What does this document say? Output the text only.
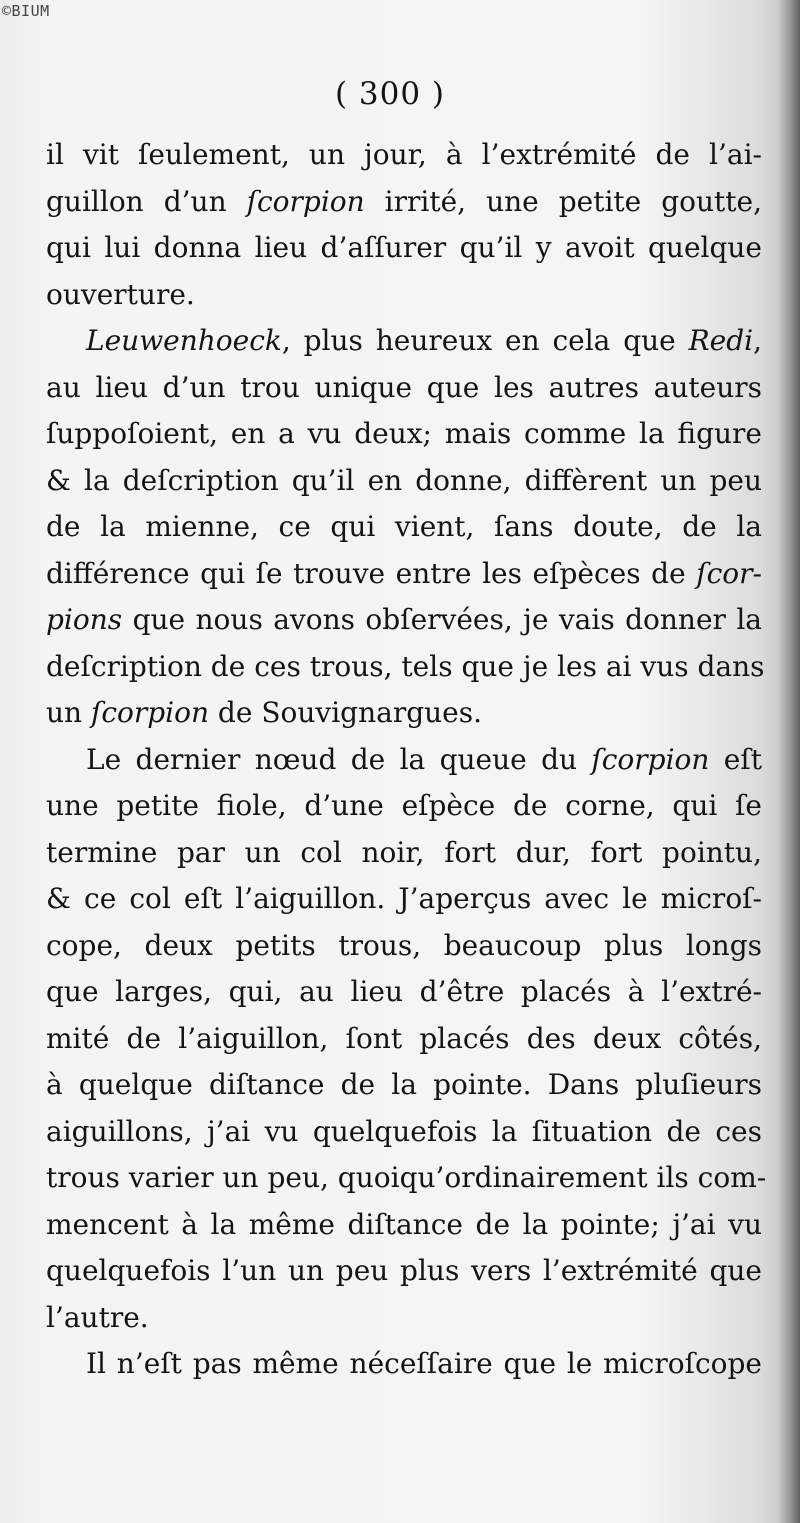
©BIUM
( 300 )
il vit ſeulement, un jour, à l’extrémité de l’ai-
guillon d’un ſcorpion irrité, une petite goutte,
qui lui donna lieu d’aſſurer qu’il y avoit quelque
ouverture.
Leuwenhoeck, plus heureux en cela que Redi,
au lieu d’un trou unique que les autres auteurs
ſuppoſoient, en a vu deux; mais comme la figure
& la deſcription qu’il en donne, diffèrent un peu
de la mienne, ce qui vient, ſans doute, de la
différence qui ſe trouve entre les eſpèces de ſcor-
pions que nous avons obſervées, je vais donner la
deſcription de ces trous, tels que je les ai vus dans
un ſcorpion de Souvignargues.
Le dernier nœud de la queue du ſcorpion eſt
une petite fiole, d’une eſpèce de corne, qui ſe
termine par un col noir, fort dur, fort pointu,
& ce col eſt l’aiguillon. J’aperçus avec le microſ-
cope, deux petits trous, beaucoup plus longs
que larges, qui, au lieu d’être placés à l’extré-
mité de l’aiguillon, ſont placés des deux côtés,
à quelque diſtance de la pointe. Dans pluſieurs
aiguillons, j’ai vu quelquefois la ſituation de ces
trous varier un peu, quoiqu’ordinairement ils com-
mencent à la même diſtance de la pointe; j’ai vu
quelquefois l’un un peu plus vers l’extrémité que
l’autre.
Il n’eſt pas même néceſſaire que le microſcope
